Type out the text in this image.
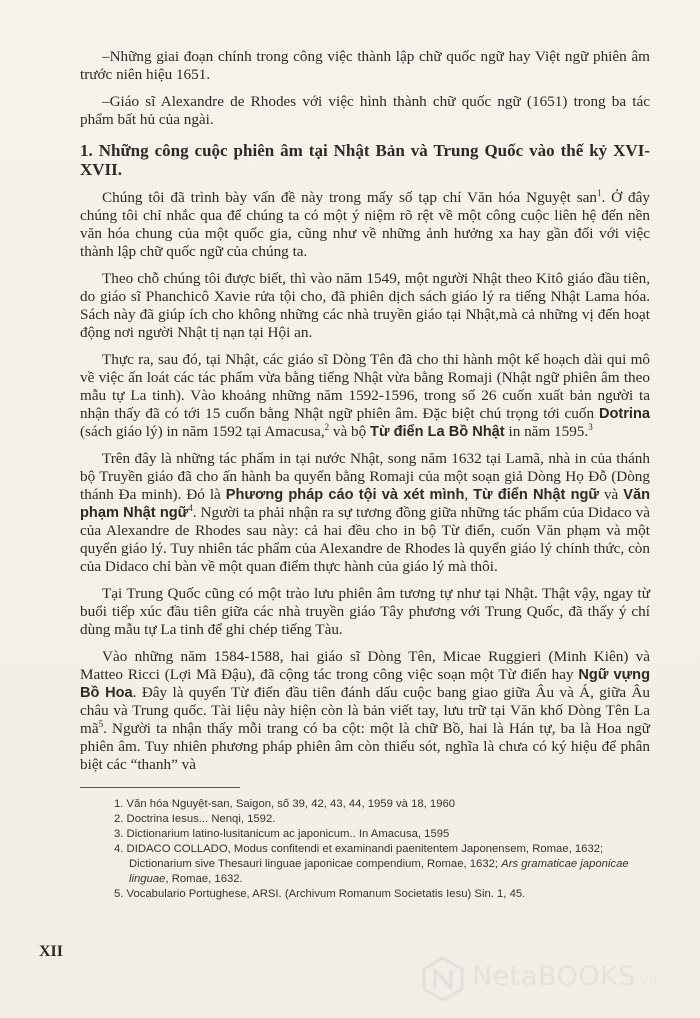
–Những giai đoạn chính trong công việc thành lập chữ quốc ngữ hay Việt ngữ phiên âm trước niên hiệu 1651.

–Giáo sĩ Alexandre de Rhodes với việc hình thành chữ quốc ngữ (1651) trong ba tác phẩm bất hủ của ngài.

1. Những công cuộc phiên âm tại Nhật Bản và Trung Quốc vào thế kỷ XVI-XVII.

Chúng tôi đã trình bày vấn đề này trong mấy số tạp chí Văn hóa Nguyệt san$^1$. Ở đây chúng tôi chỉ nhắc qua để chúng ta có một ý niệm rõ rệt về một công cuộc liên hệ đến nền văn hóa chung của một quốc gia, cũng như về những ảnh hưởng xa hay gần đối với việc thành lập chữ quốc ngữ của chúng ta.

Theo chỗ chúng tôi được biết, thì vào năm 1549, một người Nhật theo Kitô giáo đầu tiên, do giáo sĩ Phanchicô Xavie rửa tội cho, đã phiên dịch sách giáo lý ra tiếng Nhật Lama hóa. Sách này đã giúp ích cho không những các nhà truyền giáo tại Nhật,mà cả những vị đến hoạt động nơi người Nhật tị nạn tại Hội an.

Thực ra, sau đó, tại Nhật, các giáo sĩ Dòng Tên đã cho thi hành một kế hoạch dài qui mô về việc ấn loát các tác phẩm vừa bằng tiếng Nhật vừa bằng Romaji (Nhật ngữ phiên âm theo mẫu tự La tinh). Vào khoảng những năm 1592-1596, trong số 26 cuốn xuất bản người ta nhận thấy đã có tới 15 cuốn bằng Nhật ngữ phiên âm. Đặc biệt chú trọng tới cuốn Dotrina (sách giáo lý) in năm 1592 tại Amacusa,$^2$ và bộ Từ điển La Bồ Nhật in năm 1595.$^3$

Trên đây là những tác phẩm in tại nước Nhật, song năm 1632 tại Lamã, nhà in của thánh bộ Truyền giáo đã cho ấn hành ba quyển bằng Romaji của một soạn giả Dòng Họ Đỗ (Dòng thánh Đa minh). Đó là Phương pháp cáo tội và xét mình, Từ điển Nhật ngữ và Văn phạm Nhật ngữ$^4$. Người ta phải nhận ra sự tương đồng giữa những tác phẩm của Didaco và của Alexandre de Rhodes sau này: cả hai đều cho in bộ Từ điển, cuốn Văn phạm và một quyển giáo lý. Tuy nhiên tác phẩm của Alexandre de Rhodes là quyển giáo lý chính thức, còn của Didaco chỉ bàn về một quan điểm thực hành của giáo lý mà thôi.

Tại Trung Quốc cũng có một trào lưu phiên âm tương tự như tại Nhật. Thật vậy, ngay từ buổi tiếp xúc đầu tiên giữa các nhà truyền giáo Tây phương với Trung Quốc, đã thấy ý chí dùng mẫu tự La tinh để ghi chép tiếng Tàu.

Vào những năm 1584-1588, hai giáo sĩ Dòng Tên, Micae Ruggieri (Minh Kiên) và Matteo Ricci (Lợi Mã Đậu), đã cộng tác trong công việc soạn một Từ điển hay Ngữ vựng Bồ Hoa. Đây là quyển Từ điển đầu tiên đánh dấu cuộc bang giao giữa Âu và Á, giữa Âu châu và Trung quốc. Tài liệu này hiện còn là bản viết tay, lưu trữ tại Văn khố Dòng Tên La $mã^5$. Người ta nhận thấy mỗi trang có ba cột: một là chữ Bồ, hai là Hán tự, ba là Hoa ngữ phiên âm. Tuy nhiên phương pháp phiên âm còn thiếu sót, nghĩa là chưa có ký hiệu để phân biệt các “thanh” và

1. Văn hóa Nguyệt-san, Saigon, số 39, 42, 43, 44, 1959 và 18, 1960

2. Doctrina Iesus... Nenqi, 1592.

3. Dictionarium latino-lusitanicum ac japonicum.. In Amacusa, 1595

4. DIDACO COLLADO, Modus confitendi et examinandi paenitentem Japonensem, Romae, 1632; Dictionarium sive Thesauri linguae japonicae compendium, Romae, 1632; Ars gramaticae japonicae linguae, Romae, 1632.

5. Vocabulario Portughese, ARSI. (Archivum Romanum Societatis Iesu) Sin. 1, 45.

XII
NetaBOOKS.vn
